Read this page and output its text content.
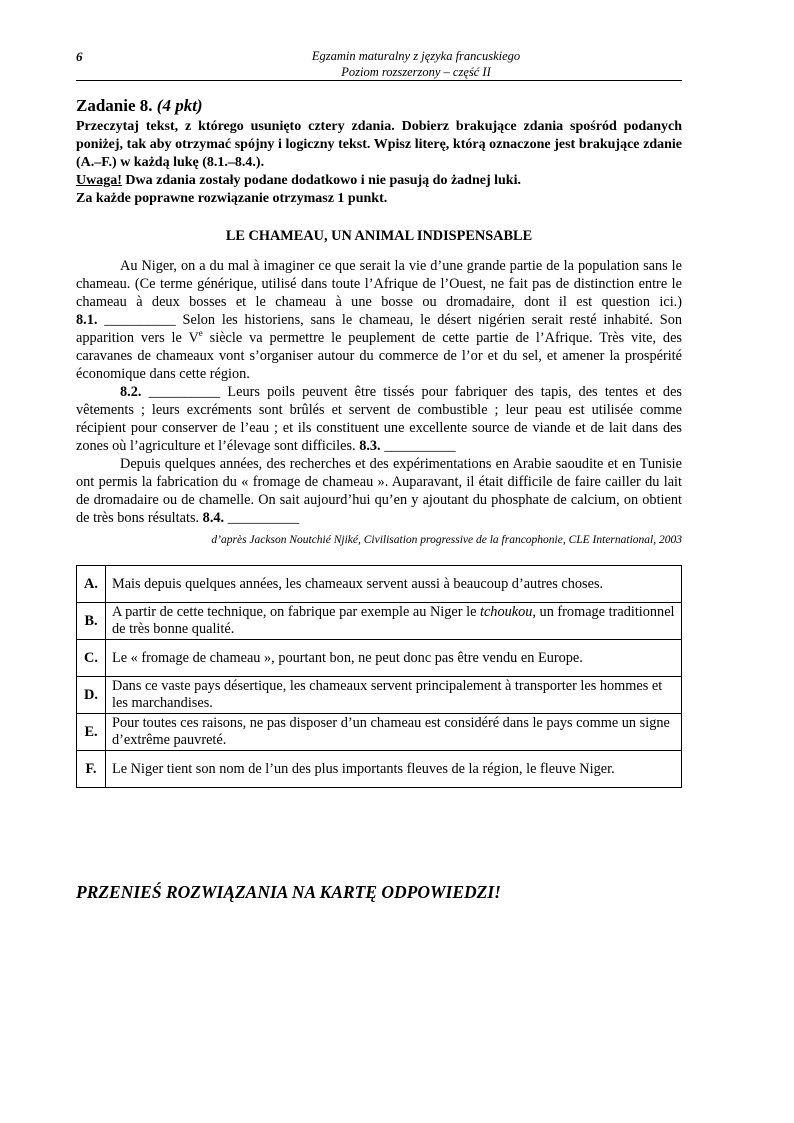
6	Egzamin maturalny z języka francuskiego
Poziom rozszerzony – część II
Zadanie 8. (4 pkt)

Przeczytaj tekst, z którego usunięto cztery zdania. Dobierz brakujące zdania spośród podanych poniżej, tak aby otrzymać spójny i logiczny tekst. Wpisz literę, którą oznaczone jest brakujące zdanie (A.–F.) w każdą lukę (8.1.–8.4.).

Uwaga! Dwa zdania zostały podane dodatkowo i nie pasują do żadnej luki.

Za każde poprawne rozwiązanie otrzymasz 1 punkt.

LE CHAMEAU, UN ANIMAL INDISPENSABLE

Au Niger, on a du mal à imaginer ce que serait la vie d’une grande partie de la population sans le chameau. (Ce terme générique, utilisé dans toute l’Afrique de l’Ouest, ne fait pas de distinction entre le chameau à deux bosses et le chameau à une bosse ou dromadaire, dont il est question ici.) 8.1. __________ Selon les historiens, sans le chameau, le désert nigérien serait resté inhabité. Son apparition vers le Ve siècle va permettre le peuplement de cette partie de l’Afrique. Très vite, des caravanes de chameaux vont s’organiser autour du commerce de l’or et du sel, et amener la prospérité économique dans cette région.

8.2. __________ Leurs poils peuvent être tissés pour fabriquer des tapis, des tentes et des vêtements ; leurs excréments sont brûlés et servent de combustible ; leur peau est utilisée comme récipient pour conserver de l’eau ; et ils constituent une excellente source de viande et de lait dans des zones où l’agriculture et l’élevage sont difficiles. 8.3. __________

Depuis quelques années, des recherches et des expérimentations en Arabie saoudite et en Tunisie ont permis la fabrication du « fromage de chameau ». Auparavant, il était difficile de faire cailler du lait de dromadaire ou de chamelle. On sait aujourd’hui qu’en y ajoutant du phosphate de calcium, on obtient de très bons résultats. 8.4. __________

d’après Jackson Noutchié Njiké, Civilisation progressive de la francophonie, CLE International, 2003
A.	Mais depuis quelques années, les chameaux servent aussi à beaucoup d’autres choses.
B.	A partir de cette technique, on fabrique par exemple au Niger le tchoukou, un fromage traditionnel de très bonne qualité.
C.	Le « fromage de chameau », pourtant bon, ne peut donc pas être vendu en Europe.
D.	Dans ce vaste pays désertique, les chameaux servent principalement à transporter les hommes et les marchandises.
E.	Pour toutes ces raisons, ne pas disposer d’un chameau est considéré dans le pays comme un signe d’extrême pauvreté.
F.	Le Niger tient son nom de l’un des plus importants fleuves de la région, le fleuve Niger.
PRZENIEŚ ROZWIĄZANIA NA KARTĘ ODPOWIEDZI!
